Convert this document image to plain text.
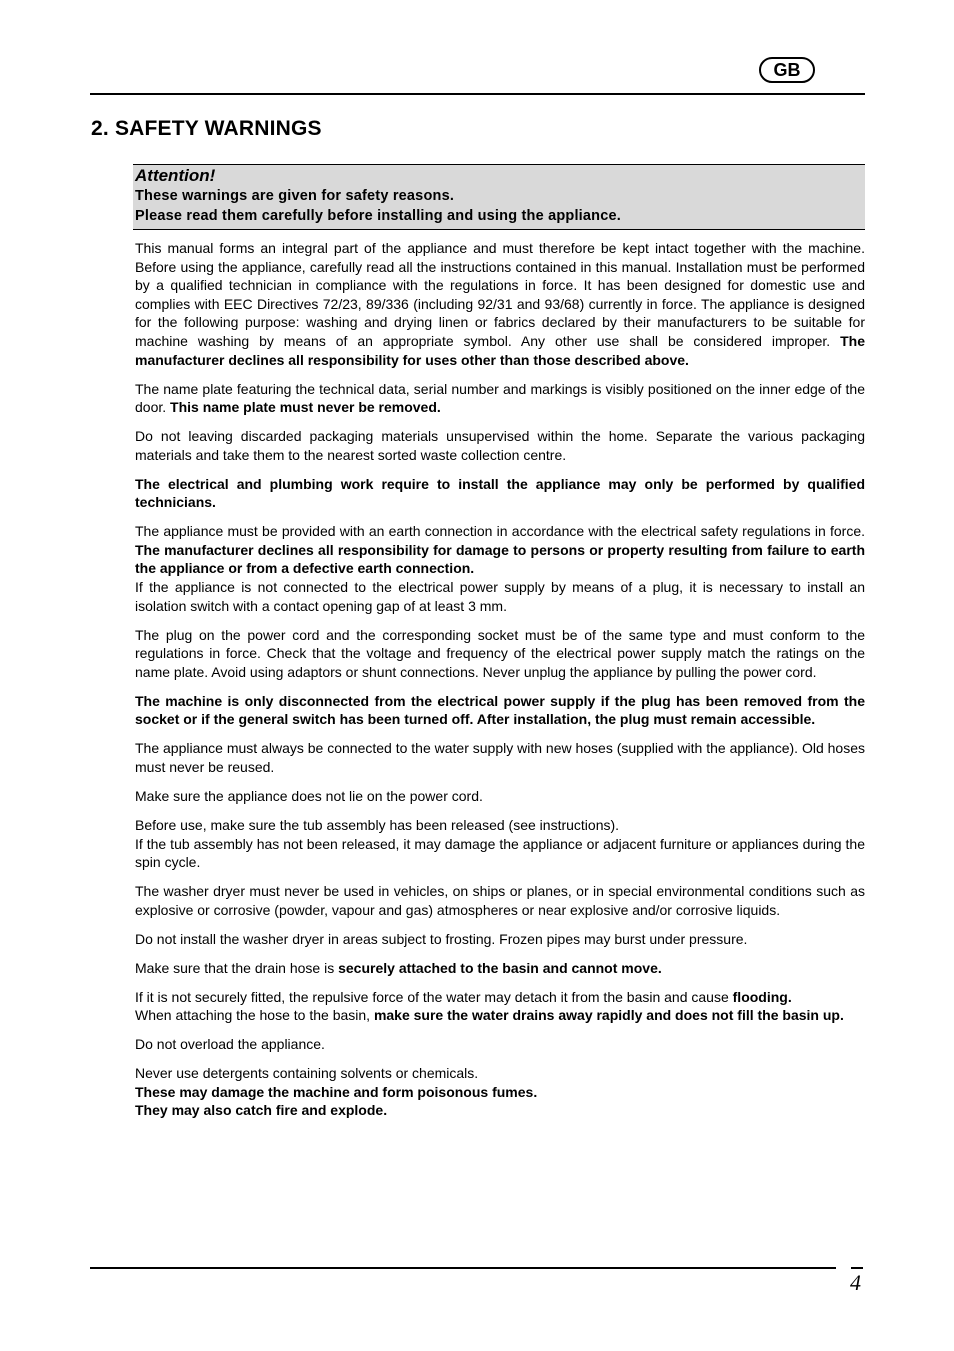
GB
2. SAFETY WARNINGS
Attention!
These warnings are given for safety reasons.
Please read them carefully before installing and using the appliance.

This manual forms an integral part of the appliance and must therefore be kept intact together with the machine. Before using the appliance, carefully read all the instructions contained in this manual. Installation must be performed by a qualified technician in compliance with the regulations in force. It has been designed for domestic use and complies with EEC Directives 72/23, 89/336 (including 92/31 and 93/68) currently in force. The appliance is designed for the following purpose: washing and drying linen or fabrics declared by their manufacturers to be suitable for machine washing by means of an appropriate symbol. Any other use shall be considered improper. The manufacturer declines all responsibility for uses other than those described above.

The name plate featuring the technical data, serial number and markings is visibly positioned on the inner edge of the door. This name plate must never be removed.

Do not leaving discarded packaging materials unsupervised within the home. Separate the various packaging materials and take them to the nearest sorted waste collection centre.

The electrical and plumbing work require to install the appliance may only be performed by qualified technicians.

The appliance must be provided with an earth connection in accordance with the electrical safety regulations in force. The manufacturer declines all responsibility for damage to persons or property resulting from failure to earth the appliance or from a defective earth connection.
If the appliance is not connected to the electrical power supply by means of a plug, it is necessary to install an isolation switch with a contact opening gap of at least 3 mm.

The plug on the power cord and the corresponding socket must be of the same type and must conform to the regulations in force. Check that the voltage and frequency of the electrical power supply match the ratings on the name plate. Avoid using adaptors or shunt connections. Never unplug the appliance by pulling the power cord.

The machine is only disconnected from the electrical power supply if the plug has been removed from the socket or if the general switch has been turned off. After installation, the plug must remain accessible.

The appliance must always be connected to the water supply with new hoses (supplied with the appliance). Old hoses must never be reused.

Make sure the appliance does not lie on the power cord.

Before use, make sure the tub assembly has been released (see instructions).
If the tub assembly has not been released, it may damage the appliance or adjacent furniture or appliances during the spin cycle.

The washer dryer must never be used in vehicles, on ships or planes, or in special environmental conditions such as explosive or corrosive (powder, vapour and gas) atmospheres or near explosive and/or corrosive liquids.

Do not install the washer dryer in areas subject to frosting. Frozen pipes may burst under pressure.

Make sure that the drain hose is securely attached to the basin and cannot move.

If it is not securely fitted, the repulsive force of the water may detach it from the basin and cause flooding.
When attaching the hose to the basin, make sure the water drains away rapidly and does not fill the basin up.

Do not overload the appliance.

Never use detergents containing solvents or chemicals.
These may damage the machine and form poisonous fumes.
They may also catch fire and explode.

4
